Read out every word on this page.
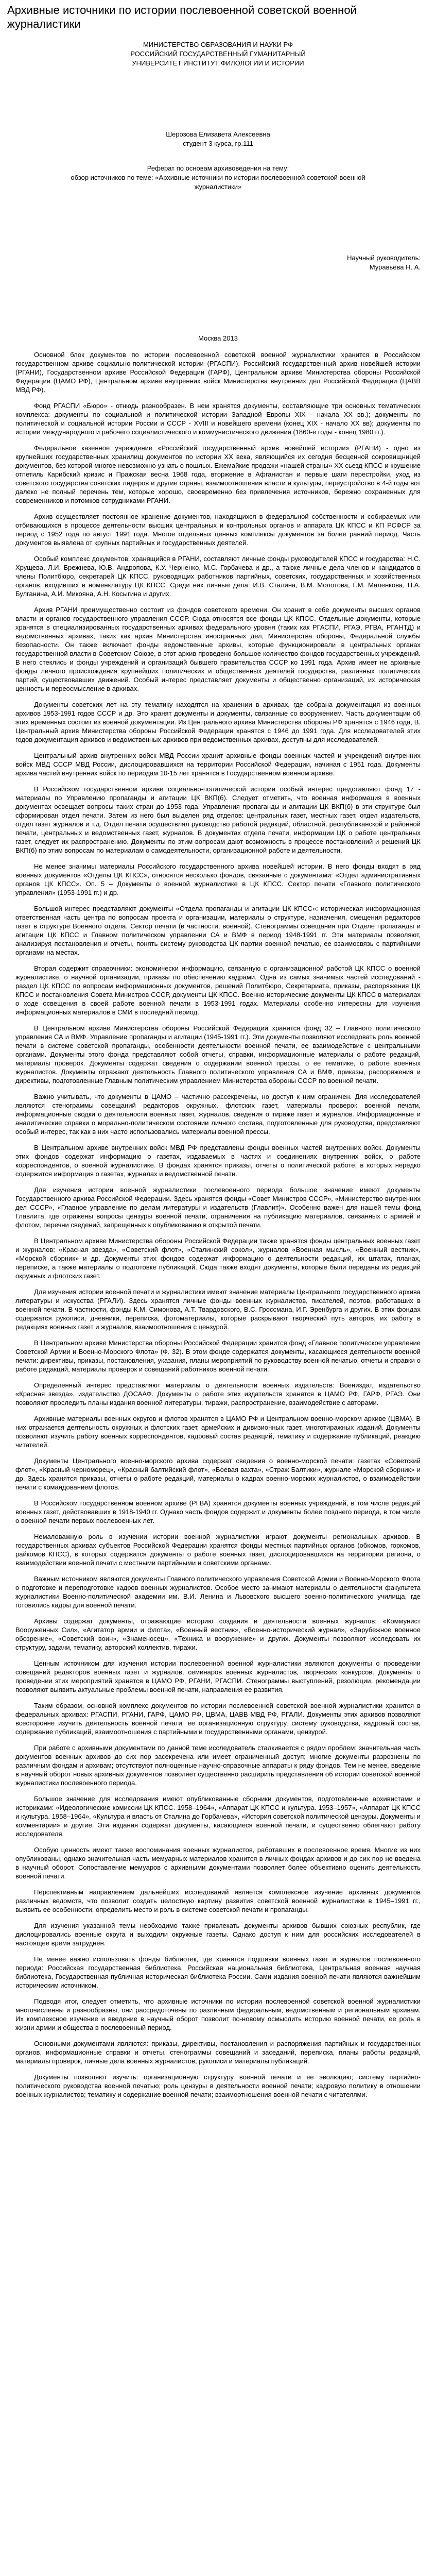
Архивные источники по истории послевоенной советской военной журналистики
МИНИСТЕРСТВО ОБРАЗОВАНИЯ И НАУКИ РФ
РОССИЙСКИЙ ГОСУДАРСТВЕННЫЙ ГУМАНИТАРНЫЙ
УНИВЕРСИТЕТ ИНСТИТУТ ФИЛОЛОГИИ И ИСТОРИИ
Шерозова Елизавета Алексеевна
студент 3 курса, гр.111
Реферат по основам архивоведения на тему:
обзор источников по теме: «Архивные источники по истории послевоенной советской военной журналистики»
Научный руководитель:
Муравьёва Н. А.
Москва 2013

Основной блок документов по истории послевоенной советской военной журналистики хранится в Российском государственном архиве социально-политической истории (РГАСПИ). Российский государственный архив новейшей истории (РГАНИ), Государственном архиве Российской Федерации (ГАРФ), Центральном архиве Министерства обороны Российской Федерации (ЦАМО РФ), Центральном архиве внутренних войск Министерства внутренних дел Российской Федерации (ЦАВВ МВД РФ).

Фонд РГАСПИ «Бюро» - отнюдь разнообразен. В нем хранятся документы, составляющие три основных тематических комплекса: документы по социальной и политической истории Западной Европы XIX - начала XX вв.); документы по политической и социальной истории России и СССР - XVIII и новейшего времени (конец XIX - начало XX вв); документы по истории международного и рабочего социалистического и коммунистического движения (1860-е годы - конец 1980 гг.).

Федеральное казенное учреждение «Российский государственный архив новейшей истории» (РГАНИ) - одно из крупнейших государственных хранилищ документов по истории XX века, являющийся их сегодня бесценной сокровищницей документов, без которой многое невозможно узнать о пошлых. Ежемайкие продажи «нашей страны» XX сьезд КПСС и крушение отпетиль Карибский кризис и Пражская весна 1968 года, вторжение в Афганистан и первые шаги перестройки, уход из советского государства советских лидеров и другие страны, взаимоотношения власти и культуры, переустройство в 4-й годы вот далеко не полный перечень тем, которые хорошо, своевременно без привлечения источников, бережно сохраненных для современников и потомков сотрудниками РГАНИ.

Архив осуществляет постоянное хранение документов, находящихся в федеральной собственности и собираемых или отбивающихся в процессе деятельности высших центральных и контрольных органов и аппарата ЦК КПСС и КП РСФСР за период с 1952 года по август 1991 года. Многое отдельных ценных комплексы документов за более ранний период. Часть документов выявлена от крупных партийных и государственных деятелей.

Особый комплекс документов, хранящийся в РГАНИ, составляют личные фонды руководителей КПСС и государства: Н.С. Хрущева, Л.И. Брежнева, Ю.В. Андропова, К.У. Черненко, М.С. Горбачева и др., а также личные дела членов и кандидатов в члены Политбюро, секретарей ЦК КПСС, руководящих работников партийных, советских, государственных и хозяйственных органов, входивших в номенклатуру ЦК КПСС. Среди них личные дела: И.В. Сталина, В.М. Молотова, Г.М. Маленкова, Н.А. Булганина, А.И. Микояна, А.Н. Косыгина и других.

Архив РГАНИ преимущественно состоит из фондов советского времени. Он хранит в себе документы высших органов власти и органов государственного управления СССР. Сюда относятся все фонды ЦК КПСС. Отдельные документы, которые хранятся в специализированных государственных архивах федерального уровня (таких как РГАСПИ, РГАЭ, РГВА, РГАНТД) и ведомственных архивах, таких как архив Министерства иностранных дел, Министерства обороны, Федеральной службы безопасности. Он также включает фонды ведомственные архивы, которые функционировали в центральных органах государственной власти в Советском Союзе, в этот архив проведено большое количество фондов государственных учреждений. В него стеклись и фонды учреждений и организаций бывшего правительства СССР ко 1991 года. Архив имеет не архивные фонды личного происхождения крупнейших политических и общественных деятелей государства, различных политических партий, существовавших движений. Особый интерес представляет документы и общественно организаций, их историческая ценность и переосмысление в архивах.

Документы советских лет на эту тематику находятся на хранении в архивах, где собрана документация из военных архивов 1953-1991 годов СССР и др. Это хранят документы и документы, связанные со вооружением. Часть документации об этих временных состоит из военной документации. Из Центрального архива Министерства обороны РФ хранятся с 1946 года, В. Центральный архив Министерства обороны Российской Федерации хранятся с 1946 до 1991 года. Для исследователей этих годов документация архивов и ведомственных архивов при ведомственных архивах, доступны для исследователей.

Центральный архив внутренних войск МВД России хранит архивные фонды военных частей и учреждений внутренних войск МВД СССР МВД России, дислоцировавшихся на территории Российской Федерации, начиная с 1951 года. Документы архива частей внутренних войск по периодам 10-15 лет хранятся в Государственном военном архиве.

В Российском государственном архиве социально-политической истории особый интерес представляют фонд 17 - материалы по Управлению пропаганды и агитации ЦК ВКП(б). Следует отметить, что военная информация в военных документах освещает вопросы таких стран до 1953 года. Управления пропаганды и агитации ЦК ВКП(б) в эти структуре был сформирован отдел печати. Затем из него был выделен ряд отделов: центральных газет, местных газет, отдел издательств, отдел газет журналов и т.д. Отдел печати осуществлял руководство работой редакций, областной, республиканской и районной печати, центральных и ведомственных газет, журналов. В документах отдела печати, информации ЦК о работе центральных газет, следует их распространению. Документы по этим вопросам дают возможность в процессе постановлений и решений ЦК ВКП(б) по этим вопросам по материалам о самодеятельности, организационной работе и деятельности.

Не менее значимы материалы Российского государственного архива новейшей истории. В него фонды входят в ряд военных документов «Отделы ЦК КПСС», относятся несколько фондов, связанные с документами: «Отдел административных органов ЦК КПСС». Оп. 5 – Документы о военной журналистике в ЦК КПСС. Сектор печати «Главного политического управления» (1953-1991 гг.) и др.

Большой интерес представляют документы «Отдела пропаганды и агитации ЦК КПСС»: историческая информационная ответственная часть центра по вопросам проекта и организации, материалы о структуре, назначения, смещения редакторов газет в структуре Военного отдела. Сектор печати (в частности, военной). Стенограммы совещания при Отделе пропаганды и агитации ЦК КПСС и Главном политическом управлении СА и ВМФ в период 1948-1991 гг. Эти материалы позволяют, анализируя постановления и отчеты, понять систему руководства ЦК партии военной печатью, ее взаимосвязь с партийными органами на местах.

Вторая содержит справочники: экономически информацию, связанную с организационной работой ЦК КПСС о военной журналистике, о научной организации, приказы по обеспечению кадрами. Одна из самых значимых частей исследований - раздел ЦК КПСС по вопросам информационных документов, решений Политбюро, Секретариата, приказы, распоряжения ЦК КПСС и постановления Совета Министров СССР, документы ЦК КПСС. Военно-исторические документы ЦК КПСС в материалах о ходе освещения в своей работе военной печати в 1953-1991 годах. Материалы особенно интересны для изучения информационных материалов в СМИ в последний период.

В Центральном архиве Министерства обороны Российской Федерации хранится фонд 32 – Главного политического управления СА и ВМФ. Управление пропаганды и агитации (1945-1991 гг.). Эти документы позволяют исследовать роль военной печати в системе советской пропаганды, особенности деятельности военной печати, ее взаимодействие с центральными органами. Документы этого фонда представляют собой отчеты, справки, информационные материалы о работе редакций, материалы проверок. Документы содержат сведения о содержании военной прессы, о ее тематике, о работе военных журналистов. Документы отражают деятельность Главного политического управления СА и ВМФ, приказы, распоряжения и директивы, подготовленные Главным политическим управлением Министерства обороны СССР по военной печати.

Важно учитывать, что документы в ЦАМО – частично рассекречены, но доступ к ним ограничен. Для исследователей являются стенограммы совещаний редакторов окружных, флотских газет, материалы проверок военной печати, информационные сводки о деятельности военных газет, журналов, сведения о тираже газет и журналов. Информационные и аналитические справки о морально-политическом состоянии личного состава, подготовленные для руководства, представляют особый интерес, так как в них часто использовались материалы военной прессы.

В Центральном архиве внутренних войск МВД РФ представлены фонды военных частей внутренних войск. Документы этих фондов содержат информацию о газетах, издаваемых в частях и соединениях внутренних войск, о работе корреспондентов, о военной журналистике. В фондах хранятся приказы, отчеты о политической работе, в которых нередко содержится информация о газетах, журналах и ведомственной печати.

Для изучения истории военной журналистики послевоенного периода большое значение имеют документы Государственного архива Российской Федерации. Здесь хранятся фонды «Совет Министров СССР», «Министерство внутренних дел СССР», «Главное управление по делам литературы и издательств (Главлит)». Особенно важен для нашей темы фонд Главлита, где отражены вопросы цензуры военной печати, ограничения на публикацию материалов, связанных с армией и флотом, перечни сведений, запрещенных к опубликованию в открытой печати.

В Центральном архиве Министерства обороны Российской Федерации также хранятся фонды центральных военных газет и журналов: «Красная звезда», «Советский флот», «Сталинский сокол», журналов «Военная мысль», «Военный вестник», «Морской сборник» и др. Документы этих фондов содержат информацию о деятельности редакций, их штатах, планах, переписке, а также материалы о подготовке публикаций. Сюда также входят документы, которые были переданы из редакций окружных и флотских газет.

Для изучения истории военной печати и журналистики имеют значение материалы Центрального государственного архива литературы и искусства (РГАЛИ). Здесь хранятся личные фонды военных журналистов, писателей, поэтов, работавших в военной печати. В частности, фонды К.М. Симонова, А.Т. Твардовского, В.С. Гроссмана, И.Г. Эренбурга и других. В этих фондах содержатся рукописи, дневники, переписка, фотоматериалы, которые раскрывают творческий путь авторов, их работу в редакциях военных газет и журналов, взаимоотношения с цензурой.

В Центральном архиве Министерства обороны Российской Федерации хранится фонд «Главное политическое управление Советской Армии и Военно-Морского Флота» (Ф. 32). В этом фонде содержатся документы, касающиеся деятельности военной печати: директивы, приказы, постановления, указания, планы мероприятий по руководству военной печатью, отчеты и справки о работе редакций, материалы проверок и совещаний работников военной печати.

Определенный интерес представляют материалы о деятельности военных издательств: Воениздат, издательство «Красная звезда», издательство ДОСААФ. Документы о работе этих издательств хранятся в ЦАМО РФ, ГАРФ, РГАЭ. Они позволяют проследить планы издания военной литературы, тиражи, распространение, взаимодействие с авторами.

Архивные материалы военных округов и флотов хранятся в ЦАМО РФ и Центральном военно-морском архиве (ЦВМА). В них отражается деятельность окружных и флотских газет, армейских и дивизионных газет, многотиражных изданий. Документы позволяют изучить работу военных корреспондентов, кадровый состав редакций, тематику и содержание публикаций, реакцию читателей.

Документы Центрального военно-морского архива содержат сведения о военно-морской печати: газетах «Советский флот», «Красный черноморец», «Красный балтийский флот», «Боевая вахта», «Страж Балтики», журнале «Морской сборник» и др. Здесь хранятся приказы, отчеты о работе редакций, материалы о кадрах военно-морских журналистов, о взаимодействии печати с командованием флотов.

В Российском государственном военном архиве (РГВА) хранятся документы военных учреждений, в том числе редакций военных газет, действовавших в 1918-1940 гг. Однако часть фондов содержит и документы более позднего периода, в том числе о военной печати первых послевоенных лет.

Немаловажную роль в изучении истории военной журналистики играют документы региональных архивов. В государственных архивах субъектов Российской Федерации хранятся фонды местных партийных органов (обкомов, горкомов, райкомов КПСС), в которых содержатся документы о работе военных газет, дислоцировавшихся на территории региона, о взаимодействии военной печати с местными партийными и советскими органами.

Важным источником являются документы Главного политического управления Советской Армии и Военно-Морского Флота о подготовке и переподготовке кадров военных журналистов. Особое место занимают материалы о деятельности факультета журналистики Военно-политической академии им. В.И. Ленина и Львовского высшего военно-политического училища, где готовились кадры для военной печати.

Архивы содержат документы, отражающие историю создания и деятельности военных журналов: «Коммунист Вооруженных Сил», «Агитатор армии и флота», «Военный вестник», «Военно-исторический журнал», «Зарубежное военное обозрение», «Советский воин», «Знаменосец», «Техника и вооружение» и других. Документы позволяют исследовать их структуру, задачи, тематику, авторский коллектив, тиражи.

Ценным источником для изучения истории послевоенной военной журналистики являются документы о проведении совещаний редакторов военных газет и журналов, семинаров военных журналистов, творческих конкурсов. Документы о проведении этих мероприятий хранятся в ЦАМО РФ, РГАНИ, РГАСПИ. Стенограммы выступлений, резолюции, рекомендации позволяют выявить актуальные проблемы военной печати, направления ее развития.

Таким образом, основной комплекс документов по истории послевоенной советской военной журналистики хранится в федеральных архивах: РГАСПИ, РГАНИ, ГАРФ, ЦАМО РФ, ЦВМА, ЦАВВ МВД РФ, РГАЛИ. Документы этих архивов позволяют всесторонне изучить деятельность военной печати: ее организационную структуру, систему руководства, кадровый состав, содержание публикаций, взаимоотношения с партийными и государственными органами, цензурой.

При работе с архивными документами по данной теме исследователь сталкивается с рядом проблем: значительная часть документов военных архивов до сих пор засекречена или имеет ограниченный доступ; многие документы разрознены по различным фондам и архивам; отсутствуют полноценные научно-справочные аппараты к ряду фондов. Тем не менее, введение в научный оборот новых архивных документов позволяет существенно расширить представления об истории советской военной журналистики послевоенного периода.

Большое значение для исследования имеют опубликованные сборники документов, подготовленные архивистами и историками: «Идеологические комиссии ЦК КПСС. 1958–1964», «Аппарат ЦК КПСС и культура. 1953–1957», «Аппарат ЦК КПСС и культура. 1958–1964», «Культура и власть от Сталина до Горбачева», «История советской политической цензуры. Документы и комментарии» и другие. Эти издания содержат документы, касающиеся военной печати, и существенно облегчают работу исследователя.

Особую ценность имеют также воспоминания военных журналистов, работавших в послевоенное время. Многие из них опубликованы, однако значительная часть мемуарных материалов хранится в личных фондах архивов и до сих пор не введена в научный оборот. Сопоставление мемуаров с архивными документами позволяет более объективно оценить деятельность военной печати.

Перспективным направлением дальнейших исследований является комплексное изучение архивных документов различных ведомств, что позволит создать целостную картину развития советской военной журналистики в 1945–1991 гг., выявить ее особенности, определить место и роль в системе советской печати и пропаганды.

Для изучения указанной темы необходимо также привлекать документы архивов бывших союзных республик, где дислоцировались военные округа и выходили окружные газеты. Однако доступ к ним для российских исследователей в настоящее время затруднен.

Не менее важно использовать фонды библиотек, где хранятся подшивки военных газет и журналов послевоенного периода: Российская государственная библиотека, Российская национальная библиотека, Центральная военная научная библиотека, Государственная публичная историческая библиотека России. Сами издания военной печати являются важнейшим историческим источником.

Подводя итог, следует отметить, что архивные источники по истории послевоенной советской военной журналистики многочисленны и разнообразны, они рассредоточены по различным федеральным, ведомственным и региональным архивам. Их комплексное изучение и введение в научный оборот позволит по-новому осмыслить историю военной печати, ее роль в жизни армии и общества в послевоенный период.

Основными документами являются: приказы, директивы, постановления и распоряжения партийных и государственных органов, информационные справки и отчеты, стенограммы совещаний и заседаний, переписка, планы работы редакций, материалы проверок, личные дела военных журналистов, рукописи и материалы публикаций.

Документы позволяют изучить: организационную структуру военной печати и ее эволюцию; систему партийно-политического руководства военной печатью; роль цензуры в деятельности военной печати; кадровую политику в отношении военных журналистов; тематику и содержание военной печати; взаимоотношения военной печати с читателями.
